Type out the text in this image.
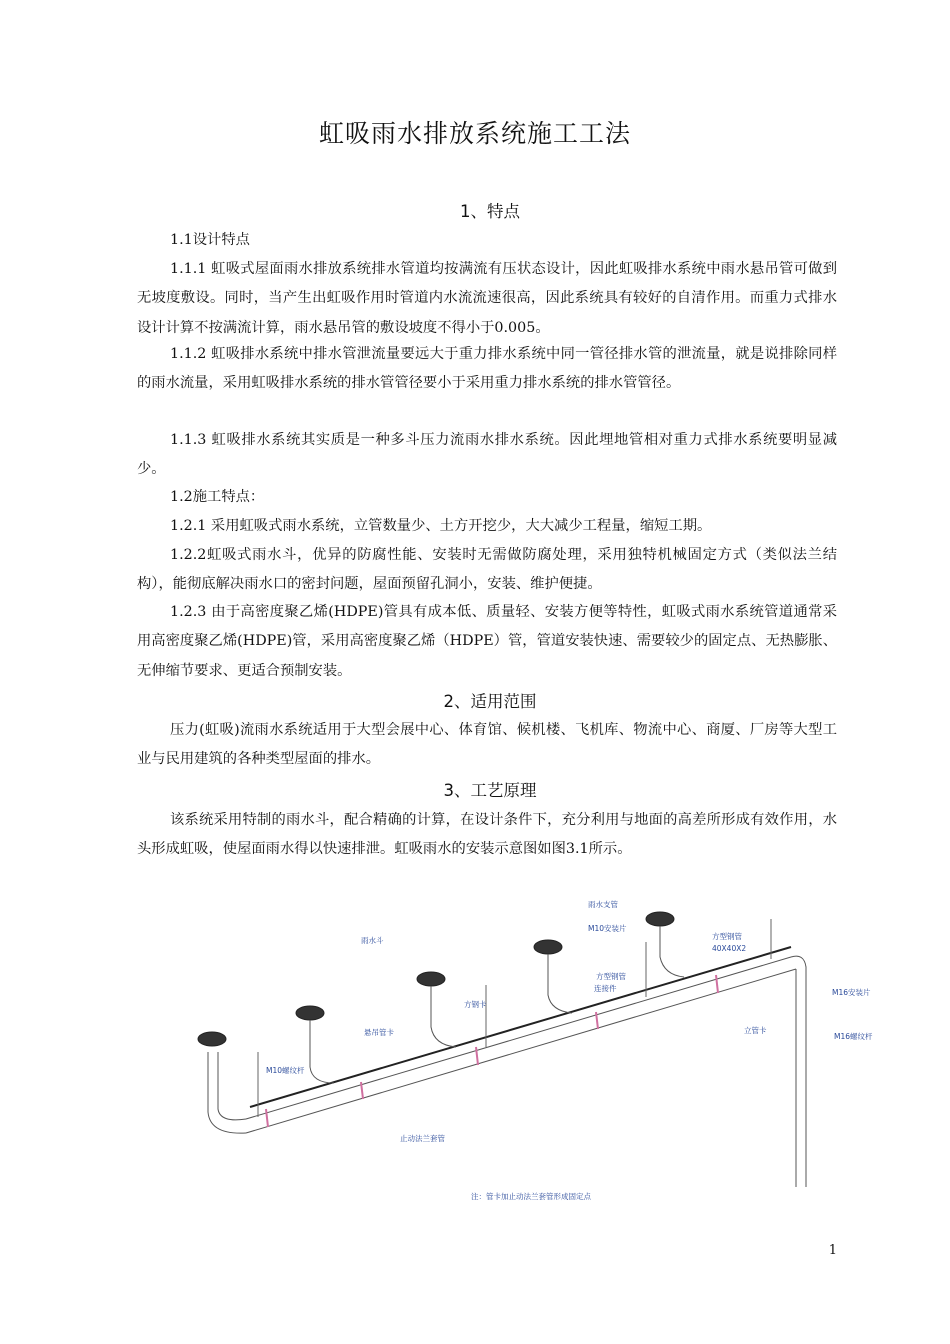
虹吸雨水排放系统施工工法
1、特点
1.1设计特点
1.1.1 虹吸式屋面雨水排放系统排水管道均按满流有压状态设计，因此虹吸排水系统中雨水悬吊管可做到无坡度敷设。同时，当产生出虹吸作用时管道内水流流速很高，因此系统具有较好的自清作用。而重力式排水设计计算不按满流计算，雨水悬吊管的敷设坡度不得小于0.005。
1.1.2 虹吸排水系统中排水管泄流量要远大于重力排水系统中同一管径排水管的泄流量，就是说排除同样的雨水流量，采用虹吸排水系统的排水管管径要小于采用重力排水系统的排水管管径。
1.1.3 虹吸排水系统其实质是一种多斗压力流雨水排水系统。因此埋地管相对重力式排水系统要明显减少。
1.2施工特点：
1.2.1 采用虹吸式雨水系统，立管数量少、土方开挖少，大大减少工程量，缩短工期。
1.2.2虹吸式雨水斗，优异的防腐性能、安装时无需做防腐处理，采用独特机械固定方式（类似法兰结构），能彻底解决雨水口的密封问题，屋面预留孔洞小，安装、维护便捷。
1.2.3 由于高密度聚乙烯(HDPE)管具有成本低、质量轻、安装方便等特性，虹吸式雨水系统管道通常采用高密度聚乙烯(HDPE)管，采用高密度聚乙烯（HDPE）管，管道安装快速、需要较少的固定点、无热膨胀、无伸缩节要求、更适合预制安装。
2、适用范围
压力(虹吸)流雨水系统适用于大型会展中心、体育馆、候机楼、飞机库、物流中心、商厦、厂房等大型工业与民用建筑的各种类型屋面的排水。
3、工艺原理
该系统采用特制的雨水斗，配合精确的计算，在设计条件下，充分利用与地面的高差所形成有效作用，水头形成虹吸，使屋面雨水得以快速排泄。虹吸雨水的安装示意图如图3.1所示。
雨水支管
M10安装片
方型钢管
40X40X2
雨水斗
方型钢管
连接件
方钢卡
M16安装片
悬吊管卡	立管卡
M16螺纹杆
M10螺纹杆
止动法兰套管
注：管卡加止动法兰套管形成固定点
1
